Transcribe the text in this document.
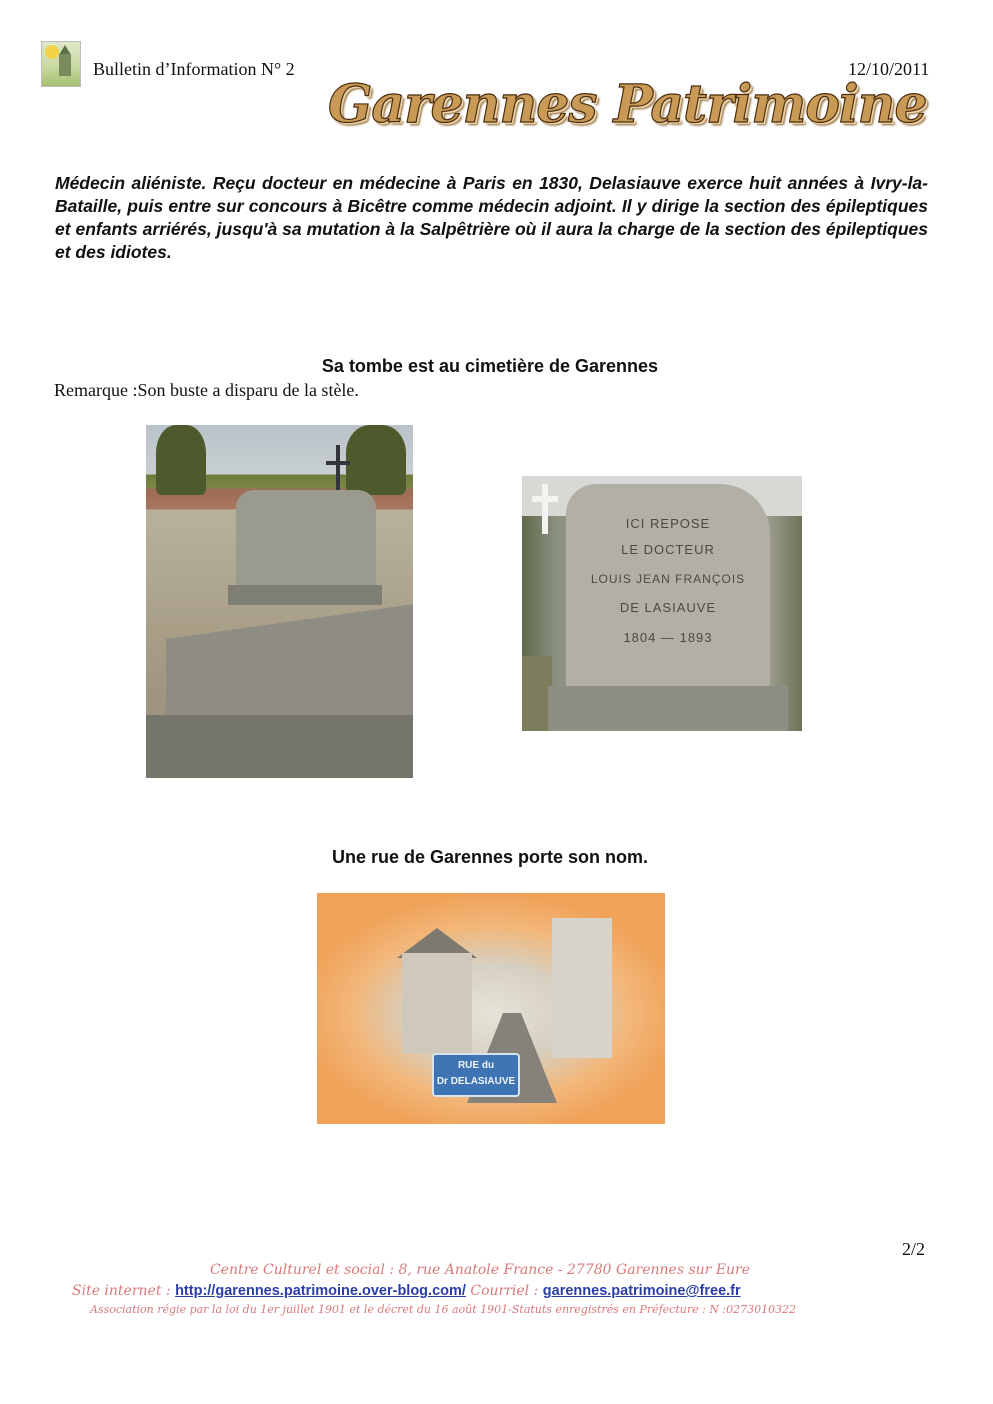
Bulletin d’Information N° 2	12/10/2011
Garennes Patrimoine
Médecin aliéniste. Reçu docteur en médecine à Paris en 1830, Delasiauve exerce huit années à Ivry-la-Bataille, puis entre sur concours à Bicêtre comme médecin adjoint. Il y dirige la section des épileptiques et enfants arriérés, jusqu'à sa mutation à la Salpêtrière où il aura la charge de la section des épileptiques et des idiotes.
Sa tombe est au cimetière de Garennes
Remarque :Son buste a disparu de la stèle.
ICI REPOSE
LE DOCTEUR
LOUIS JEAN FRANÇOIS
DE LASIAUVE
1804 — 1893
Une rue de Garennes porte son nom.
RUE du
Dr DELASIAUVE
2/2
Centre Culturel et social : 8, rue Anatole France - 27780 Garennes sur Eure
Site internet : http://garennes.patrimoine.over-blog.com/ Courriel : garennes.patrimoine@free.fr
Association régie par la loi du 1er juillet 1901 et le décret du 16 août 1901-Statuts enregistrés en Préfecture : N :0273010322
